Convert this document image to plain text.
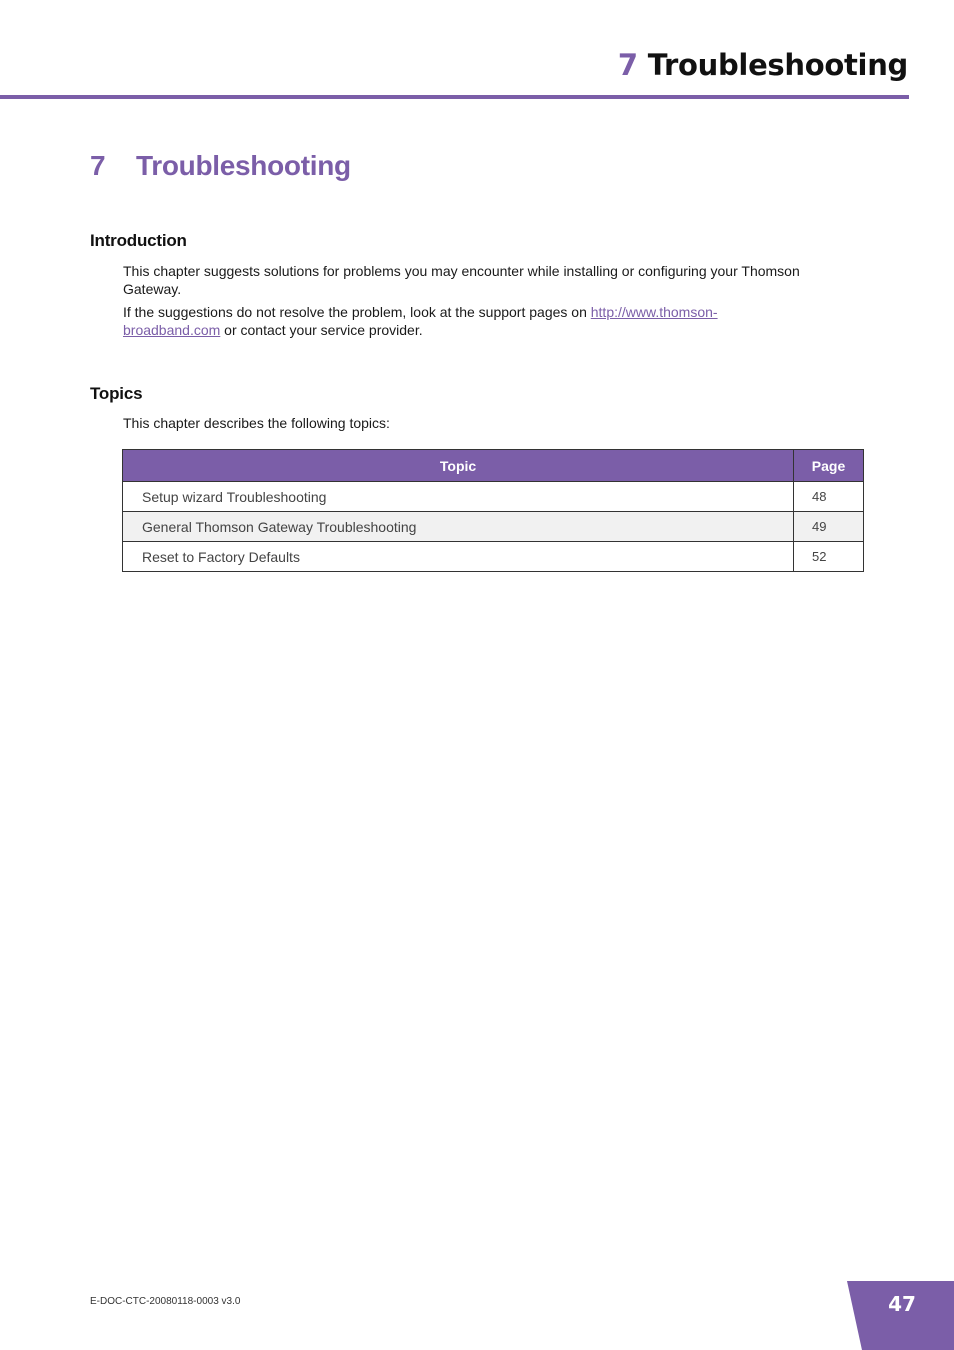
7 Troubleshooting
7 Troubleshooting
Introduction

This chapter suggests solutions for problems you may encounter while installing or configuring your Thomson Gateway.

If the suggestions do not resolve the problem, look at the support pages on http://www.thomson-
broadband.com or contact your service provider.

Topics

This chapter describes the following topics:

Topic	Page
Setup wizard Troubleshooting	48
General Thomson Gateway Troubleshooting	49
Reset to Factory Defaults	52
E-DOC-CTC-20080118-0003 v3.0	47
